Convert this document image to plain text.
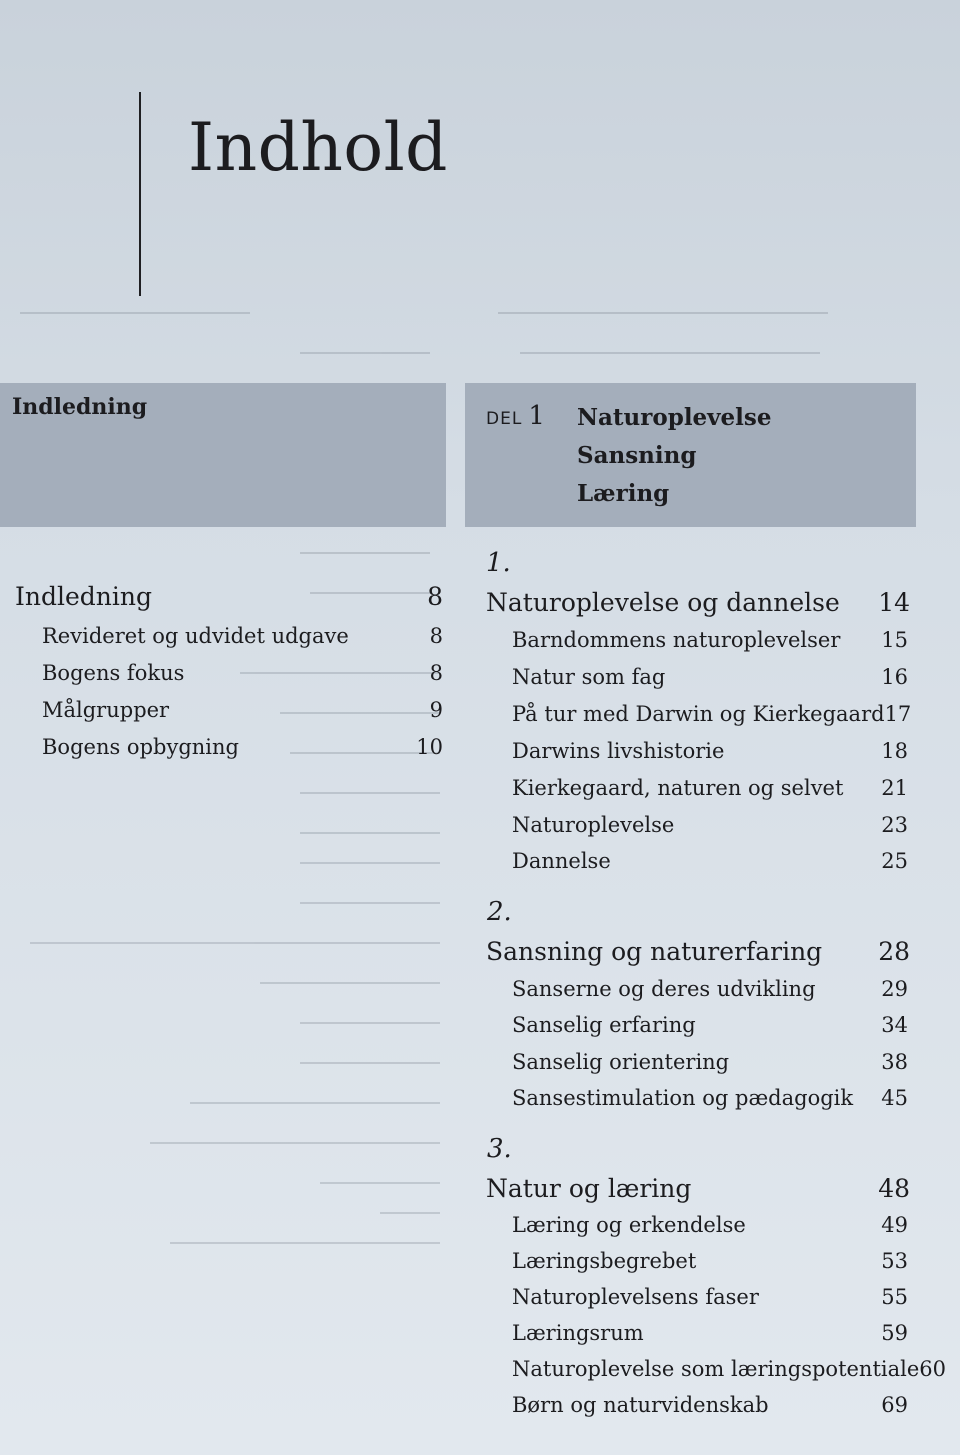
Indhold
Indledning	DEL 1 Naturoplevelse
Sansning
Læring
Indledning	8
Revideret og udvidet udgave	8
Bogens fokus	8
Målgrupper	9
Bogens opbygning	10
1.
Naturoplevelse og dannelse 14
Barndommens naturoplevelser 15
Natur som fag	16
På tur med Darwin og Kierkegaard 17
Darwins livshistorie	18
Kierkegaard, naturen og selvet 21
Naturoplevelse	23
Dannelse	25
2.
Sansning og naturerfaring 28
Sanserne og deres udvikling	29
Sanselig erfaring	34
Sanselig orientering	38
Sansestimulation og pædagogik 45
3.
Natur og læring	48
Læring og erkendelse	49
Læringsbegrebet	53
Naturoplevelsens faser	55
Læringsrum	59
Naturoplevelse som læringspotentiale 60
Børn og naturvidenskab	69
